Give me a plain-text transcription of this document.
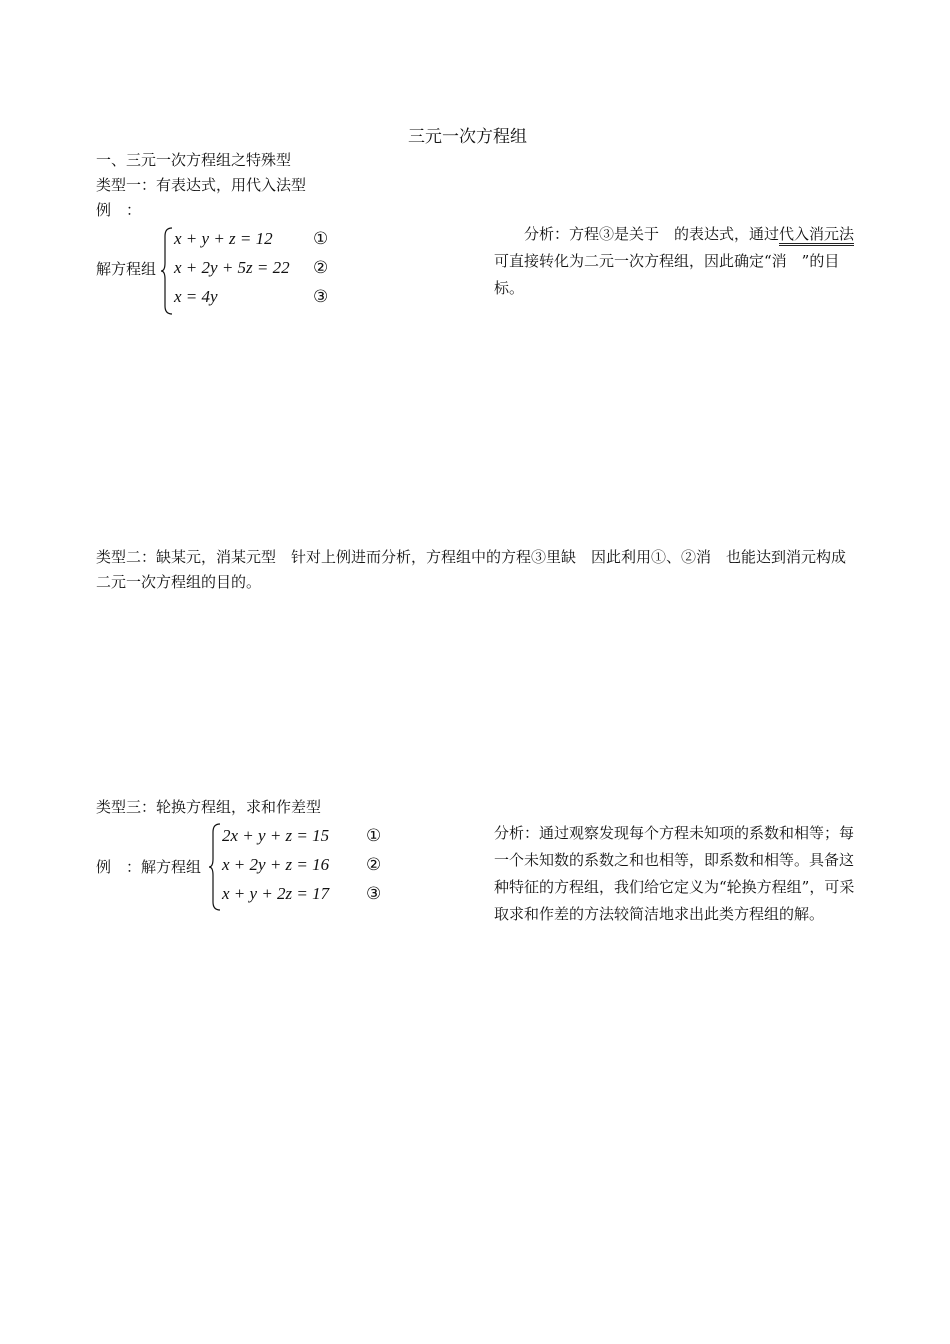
三元一次方程组
一、三元一次方程组之特殊型
类型一：有表达式，用代入法型
例　：
解方程组
x + y + z = 12
x + 2y + 5z = 22
x = 4y
①
②
③
分析：方程③是关于　的表达式，通过代入消元法可直接转化为二元一次方程组，因此确定“消　”的目标。
类型二：缺某元，消某元型　针对上例进而分析，方程组中的方程③里缺　因此利用①、②消　也能达到消元构成二元一次方程组的目的。
类型三：轮换方程组，求和作差型
例　：解方程组
2x + y + z = 15
x + 2y + z = 16
x + y + 2z = 17
①
②
③
分析：通过观察发现每个方程未知项的系数和相等；每一个未知数的系数之和也相等，即系数和相等。具备这种特征的方程组，我们给它定义为“轮换方程组”，可采取求和作差的方法较简洁地求出此类方程组的解。
